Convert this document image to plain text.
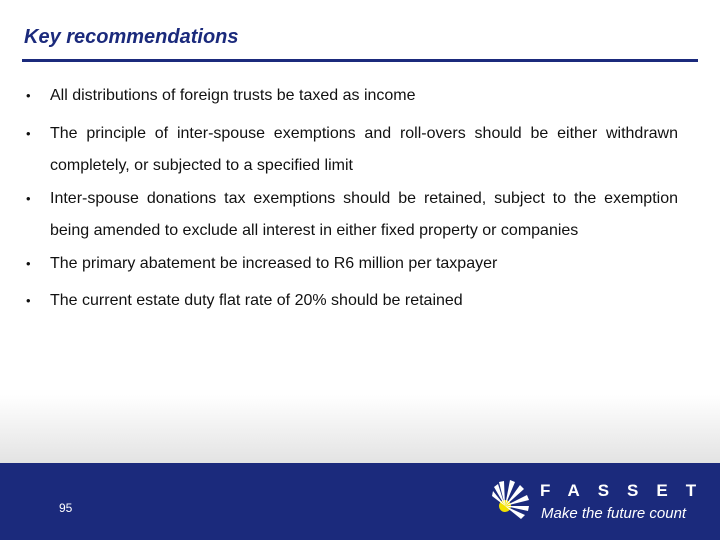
Key recommendations
• All distributions of foreign trusts be taxed as income
• The principle of inter-spouse exemptions and roll-overs should be either withdrawn completely, or subjected to a specified limit
• Inter-spouse donations tax exemptions should be retained, subject to the exemption being amended to exclude all interest in either fixed property or companies
• The primary abatement be increased to R6 million per taxpayer
• The current estate duty flat rate of 20% should be retained
95
FASSET
Make the future count
